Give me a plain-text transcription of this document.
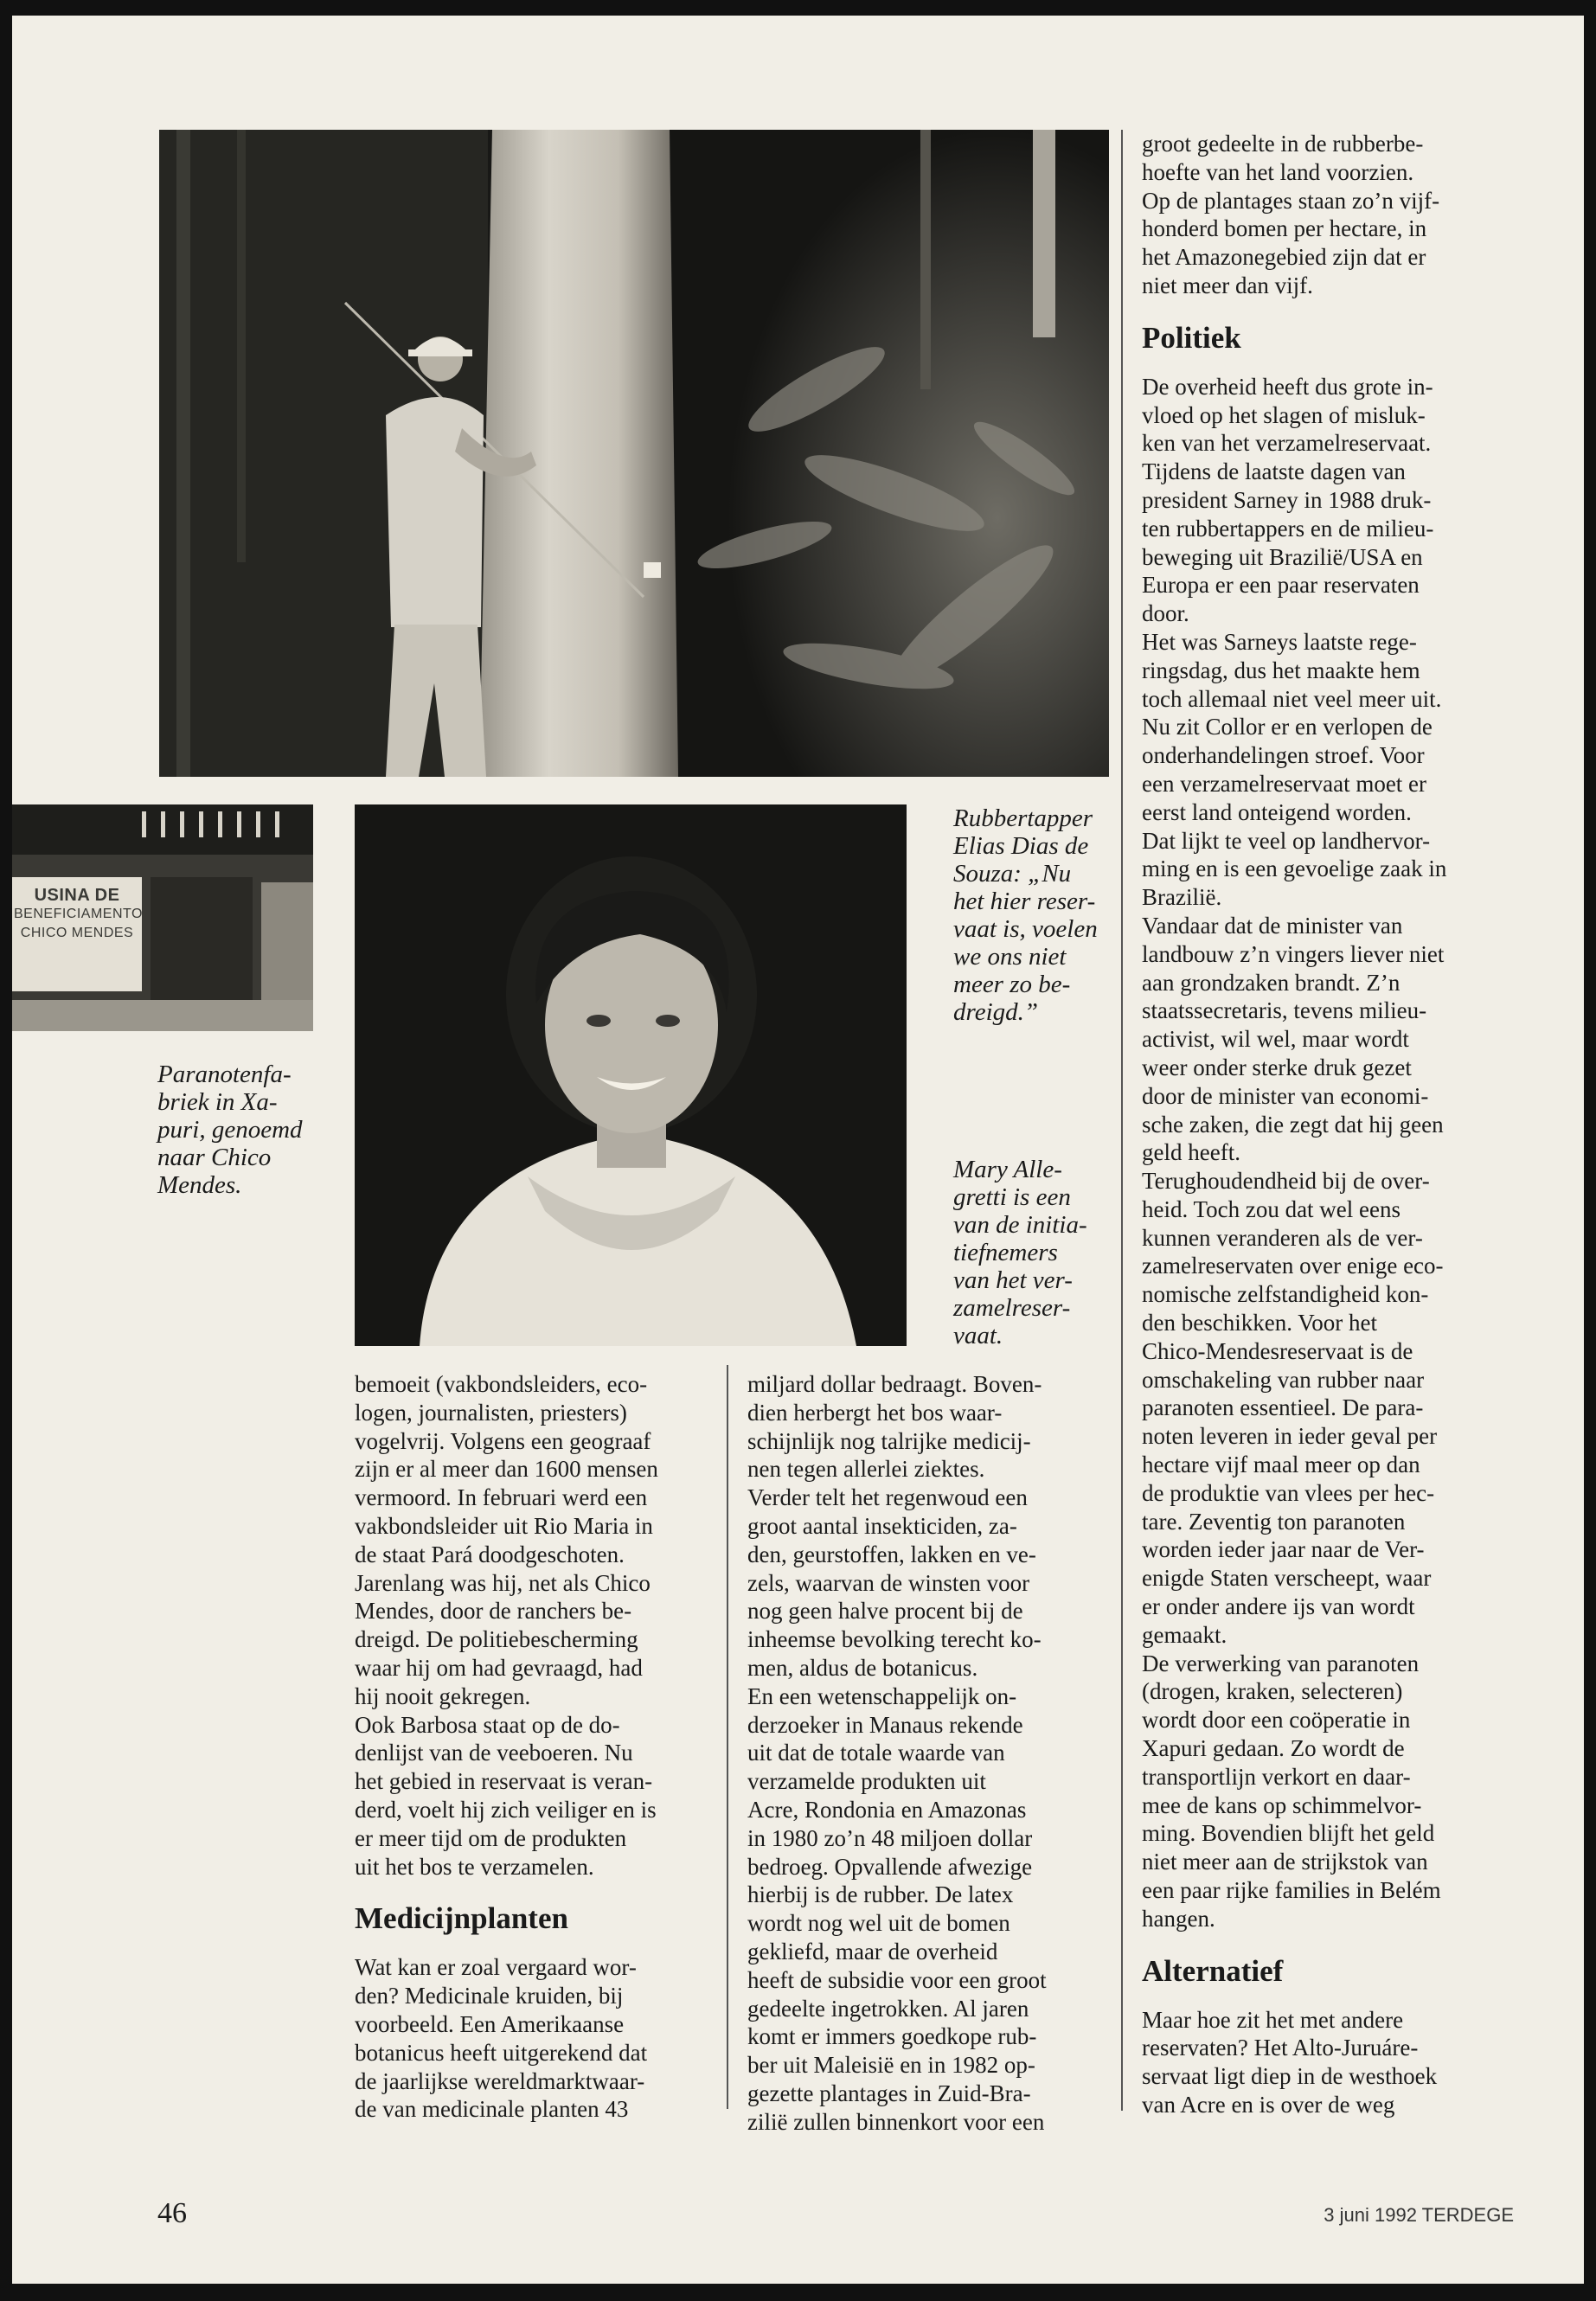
USINA DE
BENEFICIAMENTO
CHICO MENDES
Rubbertapper
Elias Dias de
Souza: „Nu
het hier reser-
vaat is, voelen
we ons niet
meer zo be-
dreigd.”
Mary Alle-
gretti is een
van de initia-
tiefnemers
van het ver-
zamelreser-
vaat.
Paranotenfa-
briek in Xa-
puri, genoemd
naar Chico
Mendes.

bemoeit (vakbondsleiders, eco-
logen, journalisten, priesters)
vogelvrij. Volgens een geograaf
zijn er al meer dan 1600 mensen
vermoord. In februari werd een
vakbondsleider uit Rio Maria in
de staat Pará doodgeschoten.
Jarenlang was hij, net als Chico
Mendes, door de ranchers be-
dreigd. De politiebescherming
waar hij om had gevraagd, had
hij nooit gekregen.

Ook Barbosa staat op de do-
denlijst van de veeboeren. Nu
het gebied in reservaat is veran-
derd, voelt hij zich veiliger en is
er meer tijd om de produkten
uit het bos te verzamelen.

Medicijnplanten

Wat kan er zoal vergaard wor-
den? Medicinale kruiden, bij
voorbeeld. Een Amerikaanse
botanicus heeft uitgerekend dat
de jaarlijkse wereldmarktwaar-
de van medicinale planten 43

miljard dollar bedraagt. Boven-
dien herbergt het bos waar-
schijnlijk nog talrijke medicij-
nen tegen allerlei ziektes.

Verder telt het regenwoud een
groot aantal insekticiden, za-
den, geurstoffen, lakken en ve-
zels, waarvan de winsten voor
nog geen halve procent bij de
inheemse bevolking terecht ko-
men, aldus de botanicus.

En een wetenschappelijk on-
derzoeker in Manaus rekende
uit dat de totale waarde van
verzamelde produkten uit
Acre, Rondonia en Amazonas
in 1980 zo’n 48 miljoen dollar
bedroeg. Opvallende afwezige
hierbij is de rubber. De latex
wordt nog wel uit de bomen
gekliefd, maar de overheid
heeft de subsidie voor een groot
gedeelte ingetrokken. Al jaren
komt er immers goedkope rub-
ber uit Maleisië en in 1982 op-
gezette plantages in Zuid-Bra-
zilië zullen binnenkort voor een

groot gedeelte in de rubberbe-
hoefte van het land voorzien.
Op de plantages staan zo’n vijf-
honderd bomen per hectare, in
het Amazonegebied zijn dat er
niet meer dan vijf.

Politiek

De overheid heeft dus grote in-
vloed op het slagen of misluk-
ken van het verzamelreservaat.
Tijdens de laatste dagen van
president Sarney in 1988 druk-
ten rubbertappers en de milieu-
beweging uit Brazilië/USA en
Europa er een paar reservaten
door.

Het was Sarneys laatste rege-
ringsdag, dus het maakte hem
toch allemaal niet veel meer uit.
Nu zit Collor er en verlopen de
onderhandelingen stroef. Voor
een verzamelreservaat moet er
eerst land onteigend worden.
Dat lijkt te veel op landhervor-
ming en is een gevoelige zaak in
Brazilië.

Vandaar dat de minister van
landbouw z’n vingers liever niet
aan grondzaken brandt. Z’n
staatssecretaris, tevens milieu-
activist, wil wel, maar wordt
weer onder sterke druk gezet
door de minister van economi-
sche zaken, die zegt dat hij geen
geld heeft.

Terughoudendheid bij de over-
heid. Toch zou dat wel eens
kunnen veranderen als de ver-
zamelreservaten over enige eco-
nomische zelfstandigheid kon-
den beschikken. Voor het
Chico-Mendesreservaat is de
omschakeling van rubber naar
paranoten essentieel. De para-
noten leveren in ieder geval per
hectare vijf maal meer op dan
de produktie van vlees per hec-
tare. Zeventig ton paranoten
worden ieder jaar naar de Ver-
enigde Staten verscheept, waar
er onder andere ijs van wordt
gemaakt.

De verwerking van paranoten
(drogen, kraken, selecteren)
wordt door een coöperatie in
Xapuri gedaan. Zo wordt de
transportlijn verkort en daar-
mee de kans op schimmelvor-
ming. Bovendien blijft het geld
niet meer aan de strijkstok van
een paar rijke families in Belém
hangen.

Alternatief

Maar hoe zit het met andere
reservaten? Het Alto-Juruáre-
servaat ligt diep in de westhoek
van Acre en is over de weg

46	3 juni 1992 TERDEGE
